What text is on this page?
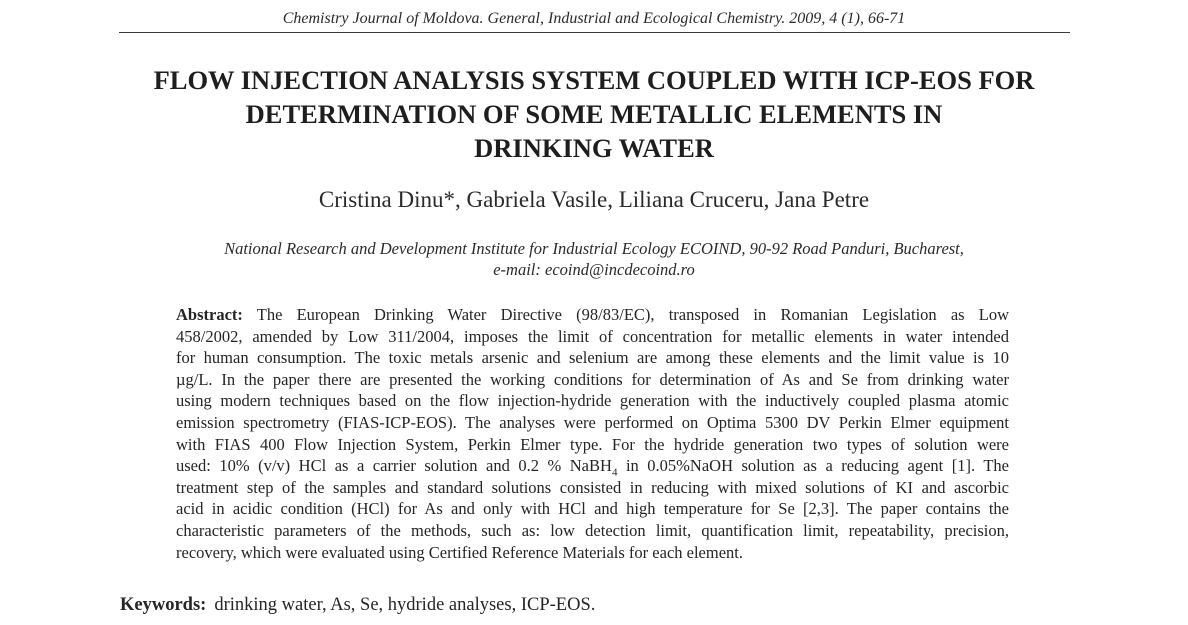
Chemistry Journal of Moldova. General, Industrial and Ecological Chemistry. 2009, 4 (1), 66-71
FLOW INJECTION ANALYSIS SYSTEM COUPLED WITH ICP-EOS FOR
DETERMINATION OF SOME METALLIC ELEMENTS IN
DRINKING WATER
Cristina Dinu*, Gabriela Vasile, Liliana Cruceru, Jana Petre
National Research and Development Institute for Industrial Ecology ECOIND, 90-92 Road Panduri, Bucharest,
e-mail: ecoind@incdecoind.ro
Abstract: The European Drinking Water Directive (98/83/EC), transposed in Romanian Legislation as Low
458/2002, amended by Low 311/2004, imposes the limit of concentration for metallic elements in water intended
for human consumption. The toxic metals arsenic and selenium are among these elements and the limit value is 10
µg/L. In the paper there are presented the working conditions for determination of As and Se from drinking water
using modern techniques based on the flow injection-hydride generation with the inductively coupled plasma atomic
emission spectrometry (FIAS-ICP-EOS). The analyses were performed on Optima 5300 DV Perkin Elmer equipment
with FIAS 400 Flow Injection System, Perkin Elmer type. For the hydride generation two types of solution were
used: 10% (v/v) HCl as a carrier solution and 0.2 % NaBH$_4$ in 0.05%NaOH solution as a reducing agent [1]. The
treatment step of the samples and standard solutions consisted in reducing with mixed solutions of KI and ascorbic
acid in acidic condition (HCl) for As and only with HCl and high temperature for Se [2,3]. The paper contains the
characteristic parameters of the methods, such as: low detection limit, quantification limit, repeatability, precision,
recovery, which were evaluated using Certified Reference Materials for each element.
Keywords: drinking water, As, Se, hydride analyses, ICP-EOS.
